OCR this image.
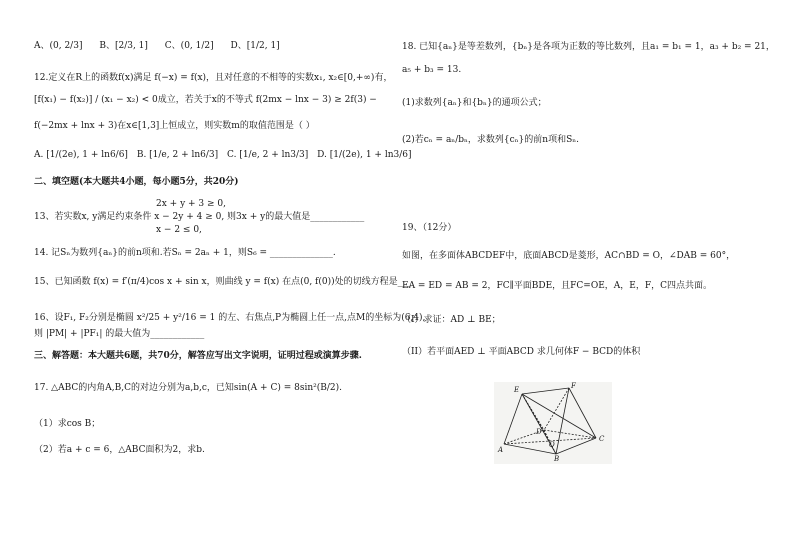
A、(0, 2/3] B、[2/3, 1] C、(0, 1/2] D、[1/2, 1]
12.定义在R上的函数f(x)满足 f(−x) = f(x)，且对任意的不相等的实数x₁, x₂∈[0,+∞)有，
[f(x₁) − f(x₂)] / (x₁ − x₂) < 0成立，若关于x的不等式 f(2mx − lnx − 3) ≥ 2f(3) −
f(−2mx + lnx + 3)在x∈[1,3]上恒成立，则实数m的取值范围是（ ）
A. [1/(2e), 1 + ln6/6] B. [1/e, 2 + ln6/3] C. [1/e, 2 + ln3/3] D. [1/(2e), 1 + ln3/6]
二、填空题(本大题共4小题，每小题5分，共20分)
2x + y + 3 ≥ 0,
13、若实数x, y满足约束条件 x − 2y + 4 ≥ 0, 则3x + y的最大值是____________
x − 2 ≤ 0,
14. 记Sₙ为数列{aₙ}的前n项和.若Sₙ = 2aₙ + 1，则S₆ = ______________.
15、已知函数 f(x) = f′(π/4)cos x + sin x，则曲线 y = f(x) 在点(0, f(0))处的切线方程是___
16、设F₁, F₂分别是椭圆 x²/25 + y²/16 = 1 的左、右焦点,P为椭圆上任一点,点M的坐标为(6,4),
则 |PM| + |PF₁| 的最大值为____________
三、解答题：本大题共6题，共70分，解答应写出文字说明，证明过程或演算步骤.
17. △ABC的内角A,B,C的对边分别为a,b,c，已知sin(A + C) = 8sin²(B/2).
（1）求cos B；
（2）若a + c = 6，△ABC面积为2，求b.
18. 已知{aₙ}是等差数列，{bₙ}是各项为正数的等比数列，且a₁ = b₁ = 1，a₃ + b₂ = 21，
a₅ + b₃ = 13.
(1)求数列{aₙ}和{bₙ}的通项公式；
(2)若cₙ = aₙ/bₙ，求数列{cₙ}的前n项和Sₙ.
19、（12分）
如图，在多面体ABCDEF中，底面ABCD是菱形，AC∩BD = O，∠DAB = 60°，
EA = ED = AB = 2，FC∥平面BDE，且FC=OE，A，E，F，C四点共面。
（I）求证：AD ⊥ BE；
（II）若平面AED ⊥ 平面ABCD 求几何体F − BCD的体积
E	F
A
B
C
D
O
